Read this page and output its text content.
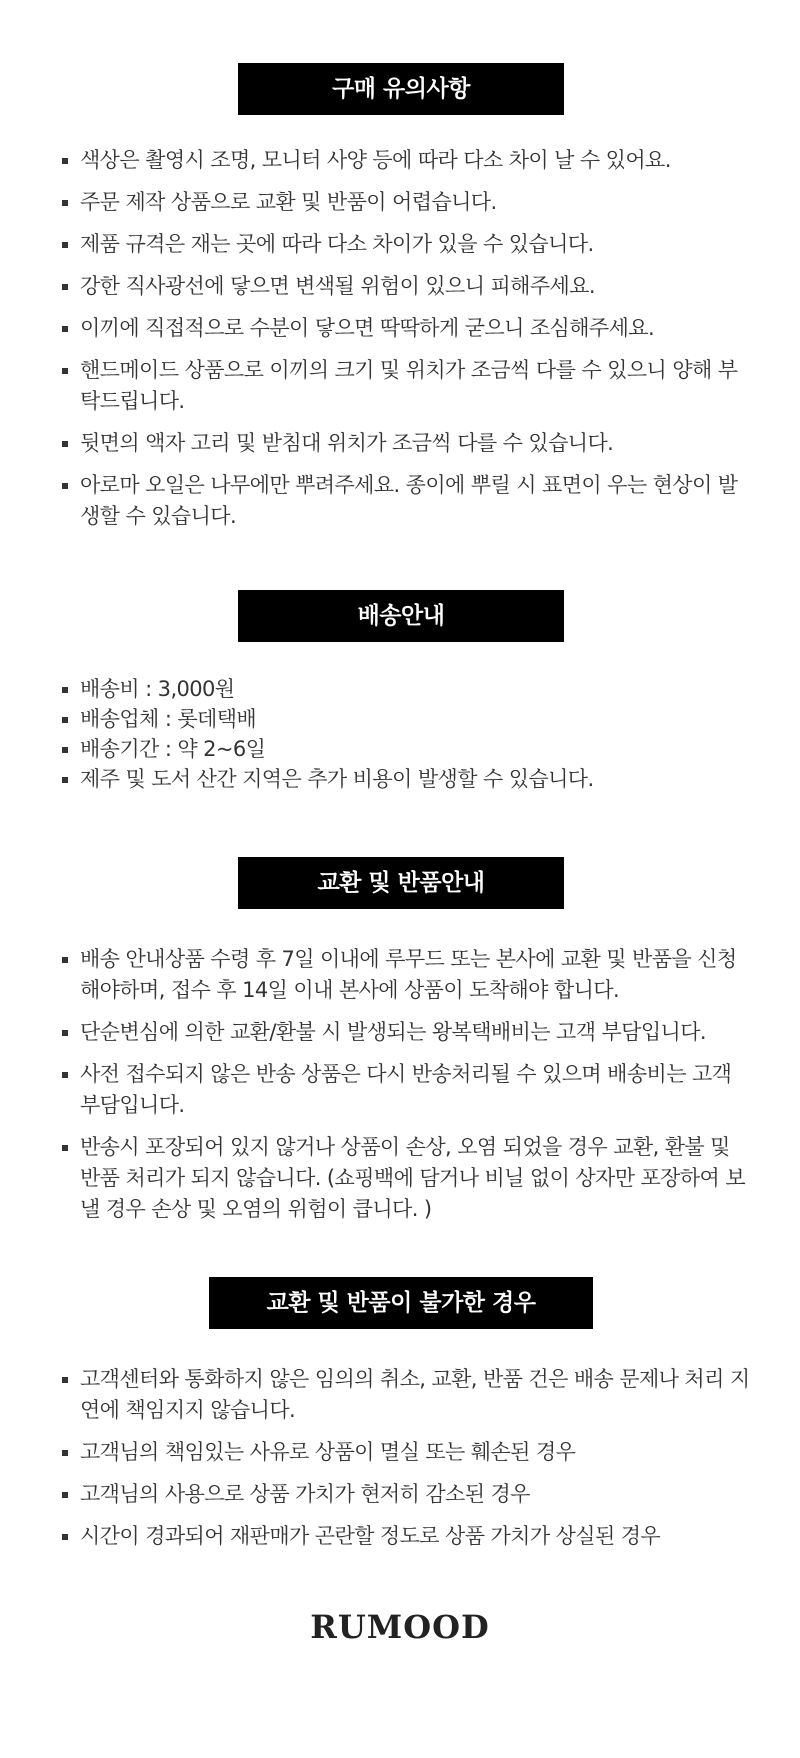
구매 유의사항
색상은 촬영시 조명, 모니터 사양 등에 따라 다소 차이 날 수 있어요.
주문 제작 상품으로 교환 및 반품이 어렵습니다.
제품 규격은 재는 곳에 따라 다소 차이가 있을 수 있습니다.
강한 직사광선에 닿으면 변색될 위험이 있으니 피해주세요.
이끼에 직접적으로 수분이 닿으면 딱딱하게 굳으니 조심해주세요.
핸드메이드 상품으로 이끼의 크기 및 위치가 조금씩 다를 수 있으니 양해 부탁드립니다.
뒷면의 액자 고리 및 받침대 위치가 조금씩 다를 수 있습니다.
아로마 오일은 나무에만 뿌려주세요. 종이에 뿌릴 시 표면이 우는 현상이 발생할 수 있습니다.
배송안내
배송비 : 3,000원
배송업체 : 롯데택배
배송기간 : 약 2~6일
제주 및 도서 산간 지역은 추가 비용이 발생할 수 있습니다.
교환 및 반품안내
배송 안내상품 수령 후 7일 이내에 루무드 또는 본사에 교환 및 반품을 신청해야하며, 접수 후 14일 이내 본사에 상품이 도착해야 합니다.
단순변심에 의한 교환/환불 시 발생되는 왕복택배비는 고객 부담입니다.
사전 접수되지 않은 반송 상품은 다시 반송처리될 수 있으며 배송비는 고객부담입니다.
반송시 포장되어 있지 않거나 상품이 손상, 오염 되었을 경우 교환, 환불 및 반품 처리가 되지 않습니다. (쇼핑백에 담거나 비닐 없이 상자만 포장하여 보낼 경우 손상 및 오염의 위험이 큽니다. )
교환 및 반품이 불가한 경우
고객센터와 통화하지 않은 임의의 취소, 교환, 반품 건은 배송 문제나 처리 지연에 책임지지 않습니다.
고객님의 책임있는 사유로 상품이 멸실 또는 훼손된 경우
고객님의 사용으로 상품 가치가 현저히 감소된 경우
시간이 경과되어 재판매가 곤란할 정도로 상품 가치가 상실된 경우
RUMOOD
